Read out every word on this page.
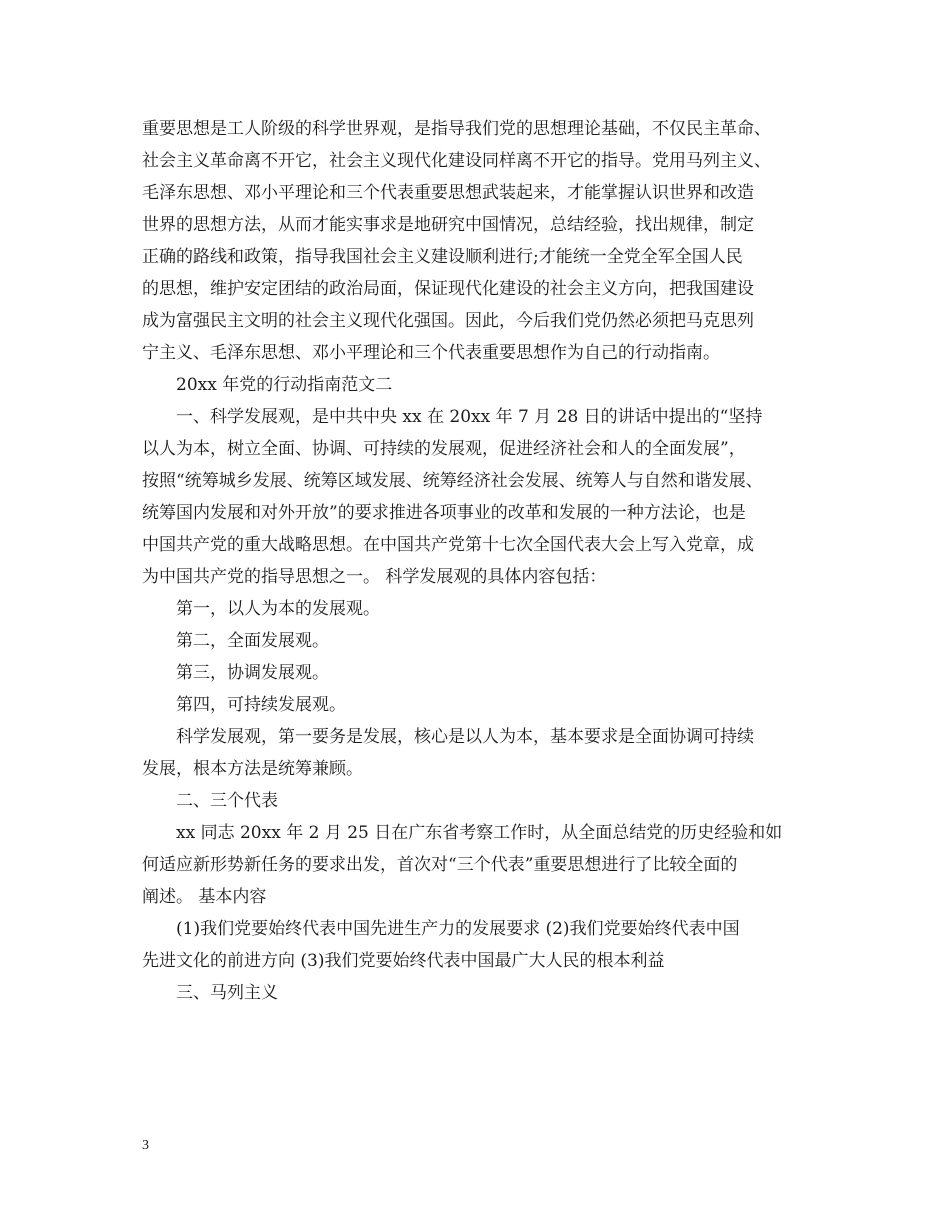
重要思想是工人阶级的科学世界观，是指导我们党的思想理论基础，不仅民主革命、

社会主义革命离不开它，社会主义现代化建设同样离不开它的指导。党用马列主义、

毛泽东思想、邓小平理论和三个代表重要思想武装起来，才能掌握认识世界和改造

世界的思想方法，从而才能实事求是地研究中国情况，总结经验，找出规律，制定

正确的路线和政策，指导我国社会主义建设顺利进行;才能统一全党全军全国人民

的思想，维护安定团结的政治局面，保证现代化建设的社会主义方向，把我国建设

成为富强民主文明的社会主义现代化强国。因此，今后我们党仍然必须把马克思列

宁主义、毛泽东思想、邓小平理论和三个代表重要思想作为自己的行动指南。

20xx 年党的行动指南范文二

一、科学发展观，是中共中央 xx 在 20xx 年 7 月 28 日的讲话中提出的“坚持

以人为本，树立全面、协调、可持续的发展观，促进经济社会和人的全面发展”，

按照“统筹城乡发展、统筹区域发展、统筹经济社会发展、统筹人与自然和谐发展、

统筹国内发展和对外开放”的要求推进各项事业的改革和发展的一种方法论，也是

中国共产党的重大战略思想。在中国共产党第十七次全国代表大会上写入党章，成

为中国共产党的指导思想之一。 科学发展观的具体内容包括：

第一，以人为本的发展观。

第二，全面发展观。

第三，协调发展观。

第四，可持续发展观。

科学发展观，第一要务是发展，核心是以人为本，基本要求是全面协调可持续

发展，根本方法是统筹兼顾。

二、三个代表

xx 同志 20xx 年 2 月 25 日在广东省考察工作时，从全面总结党的历史经验和如

何适应新形势新任务的要求出发，首次对“三个代表”重要思想进行了比较全面的

阐述。 基本内容

(1)我们党要始终代表中国先进生产力的发展要求 (2)我们党要始终代表中国

先进文化的前进方向 (3)我们党要始终代表中国最广大人民的根本利益

三、马列主义

3
